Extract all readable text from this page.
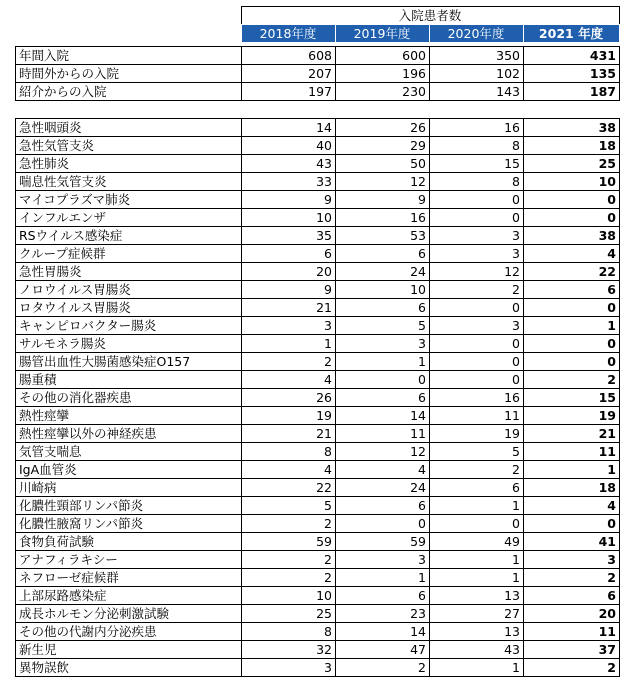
	入院患者数			
	2018年度	2019年度	2020年度	2021 年度
年間入院	608	600	350	431
時間外からの入院	207	196	102	135
紹介からの入院	197	230	143	187
急性咽頭炎	14	26	16	38
急性気管支炎	40	29	8	18
急性肺炎	43	50	15	25
喘息性気管支炎	33	12	8	10
マイコプラズマ肺炎	9	9	0	0
インフルエンザ	10	16	0	0
RSウイルス感染症	35	53	3	38
クループ症候群	6	6	3	4
急性胃腸炎	20	24	12	22
ノロウイルス胃腸炎	9	10	2	6
ロタウイルス胃腸炎	21	6	0	0
キャンピロバクター腸炎	3	5	3	1
サルモネラ腸炎	1	3	0	0
腸管出血性大腸菌感染症O157	2	1	0	0
腸重積	4	0	0	2
その他の消化器疾患	26	6	16	15
熱性痙攣	19	14	11	19
熱性痙攣以外の神経疾患	21	11	19	21
気管支喘息	8	12	5	11
IgA血管炎	4	4	2	1
川崎病	22	24	6	18
化膿性頸部リンパ節炎	5	6	1	4
化膿性腋窩リンパ節炎	2	0	0	0
食物負荷試験	59	59	49	41
アナフィラキシー	2	3	1	3
ネフローゼ症候群	2	1	1	2
上部尿路感染症	10	6	13	6
成長ホルモン分泌刺激試験	25	23	27	20
その他の代謝内分泌疾患	8	14	13	11
新生児	32	47	43	37
異物誤飲	3	2	1	2
